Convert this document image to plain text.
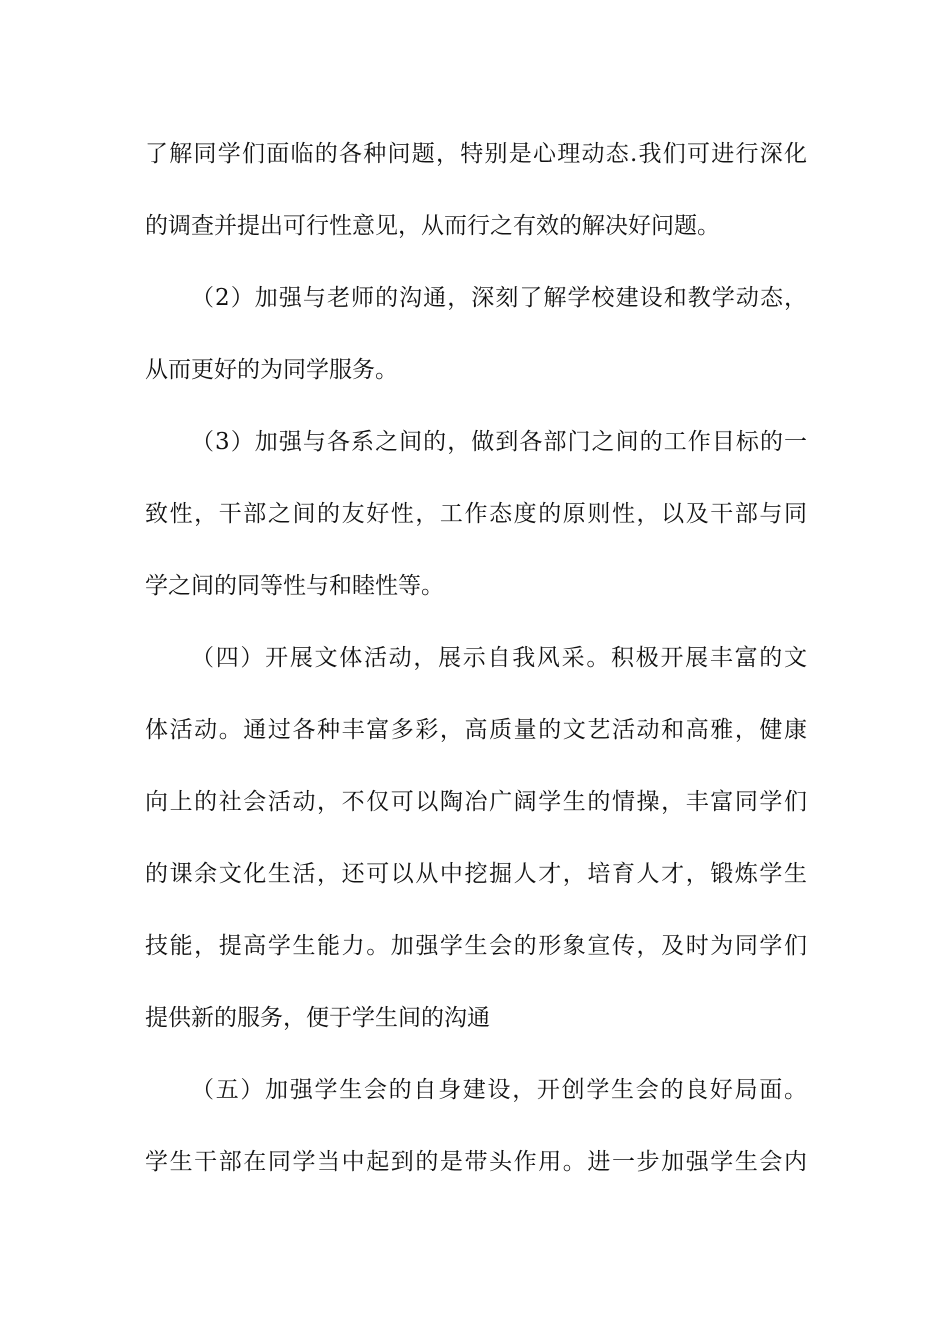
了解同学们面临的各种问题，特别是心理动态.我们可进行深化
的调查并提出可行性意见，从而行之有效的解决好问题。
（2）加强与老师的沟通，深刻了解学校建设和教学动态，
从而更好的为同学服务。
（3）加强与各系之间的，做到各部门之间的工作目标的一
致性，干部之间的友好性，工作态度的原则性，以及干部与同
学之间的同等性与和睦性等。
（四）开展文体活动，展示自我风采。积极开展丰富的文
体活动。通过各种丰富多彩，高质量的文艺活动和高雅，健康
向上的社会活动，不仅可以陶冶广阔学生的情操，丰富同学们
的课余文化生活，还可以从中挖掘人才，培育人才，锻炼学生
技能，提高学生能力。加强学生会的形象宣传，及时为同学们
提供新的服务，便于学生间的沟通
（五）加强学生会的自身建设，开创学生会的良好局面。
学生干部在同学当中起到的是带头作用。进一步加强学生会内
